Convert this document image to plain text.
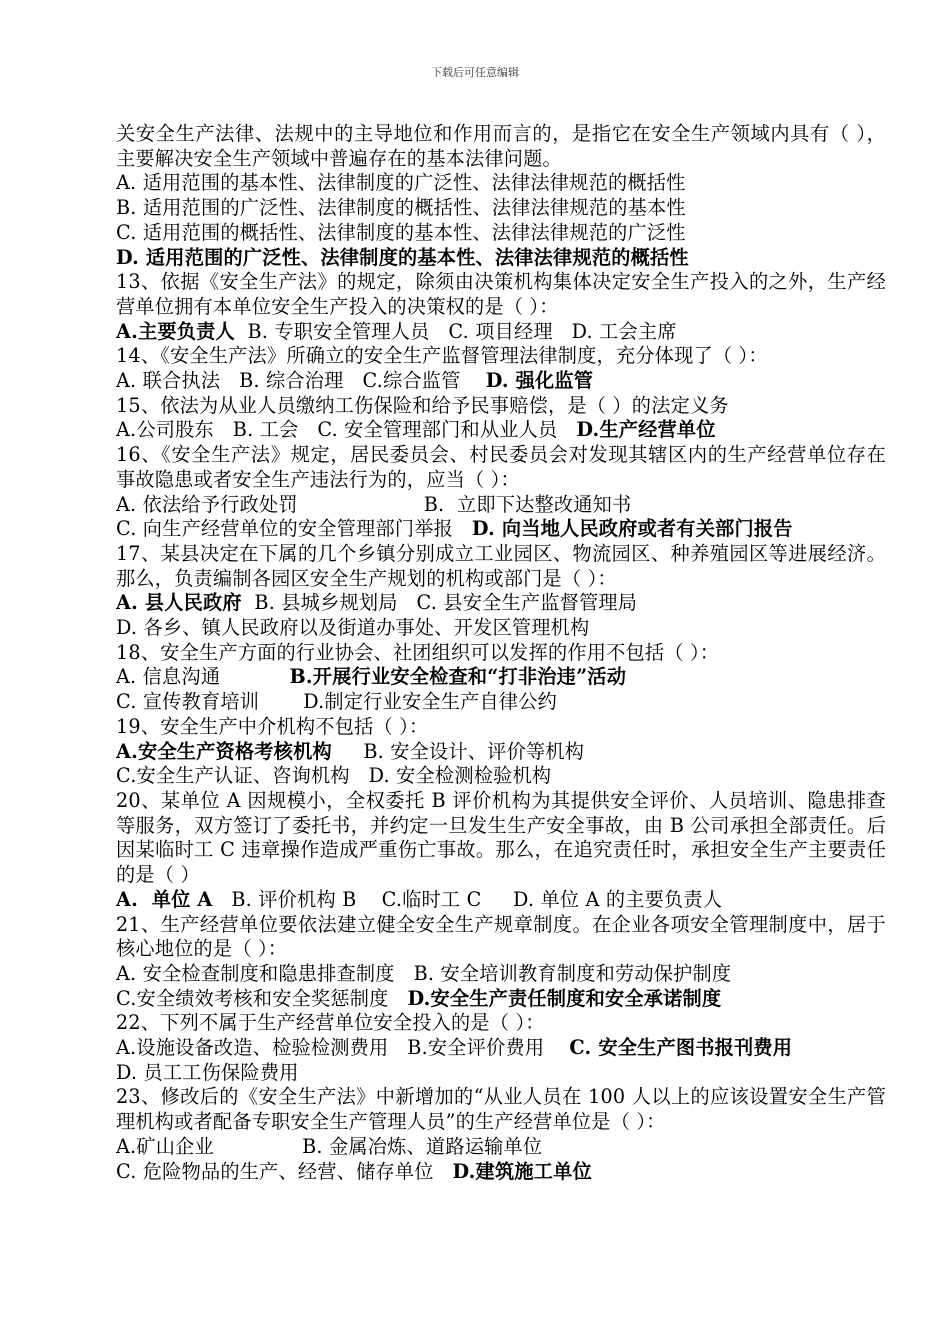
下载后可任意编辑

关安全生产法律、法规中的主导地位和作用而言的，是指它在安全生产领域内具有（ ），主要解决安全生产领域中普遍存在的基本法律问题。

A. 适用范围的基本性、法律制度的广泛性、法律法律规范的概括性

B. 适用范围的广泛性、法律制度的概括性、法律法律规范的基本性

C. 适用范围的概括性、法律制度的基本性、法律法律规范的广泛性

D. 适用范围的广泛性、法律制度的基本性、法律法律规范的概括性

13、依据《安全生产法》的规定，除须由决策机构集体决定安全生产投入的之外，生产经营单位拥有本单位安全生产投入的决策权的是（ ）：

A.主要负责人  B. 专职安全管理人员   C. 项目经理   D. 工会主席

14、《安全生产法》所确立的安全生产监督管理法律制度，充分体现了（ ）：

A. 联合执法   B. 综合治理   C.综合监管    D. 强化监管

15、依法为从业人员缴纳工伤保险和给予民事赔偿，是（ ）的法定义务

A.公司股东   B. 工会   C. 安全管理部门和从业人员   D.生产经营单位

16、《安全生产法》规定，居民委员会、村民委员会对发现其辖区内的生产经营单位存在事故隐患或者安全生产违法行为的，应当（ ）：

A. 依法给予行政处罚                    B.  立即下达整改通知书

C. 向生产经营单位的安全管理部门举报   D. 向当地人民政府或者有关部门报告

17、某县决定在下属的几个乡镇分别成立工业园区、物流园区、种养殖园区等进展经济。那么，负责编制各园区安全生产规划的机构或部门是（ ）：

A. 县人民政府  B. 县城乡规划局   C. 县安全生产监督管理局

D. 各乡、镇人民政府以及街道办事处、开发区管理机构

18、安全生产方面的行业协会、社团组织可以发挥的作用不包括（ ）：

A. 信息沟通           B.开展行业安全检查和“打非治违”活动

C. 宣传教育培训       D.制定行业安全生产自律公约

19、安全生产中介机构不包括（ ）：

A.安全生产资格考核机构     B. 安全设计、评价等机构

C.安全生产认证、咨询机构   D. 安全检测检验机构

20、某单位 A 因规模小，全权委托 B 评价机构为其提供安全评价、人员培训、隐患排查等服务，双方签订了委托书，并约定一旦发生生产安全事故，由 B 公司承担全部责任。后因某临时工 C 违章操作造成严重伤亡事故。那么，在追究责任时，承担安全生产主要责任的是（ ）

A.  单位 A   B. 评价机构 B    C.临时工 C     D. 单位 A 的主要负责人

21、生产经营单位要依法建立健全安全生产规章制度。在企业各项安全管理制度中，居于核心地位的是（ ）：

A. 安全检查制度和隐患排查制度   B. 安全培训教育制度和劳动保护制度

C.安全绩效考核和安全奖惩制度   D.安全生产责任制度和安全承诺制度

22、下列不属于生产经营单位安全投入的是（ ）：

A.设施设备改造、检验检测费用   B.安全评价费用    C. 安全生产图书报刊费用

D. 员工工伤保险费用

23、修改后的《安全生产法》中新增加的“从业人员在 100 人以上的应该设置安全生产管理机构或者配备专职安全生产管理人员”的生产经营单位是（ ）：

A.矿山企业              B. 金属冶炼、道路运输单位

C. 危险物品的生产、经营、储存单位   D.建筑施工单位
